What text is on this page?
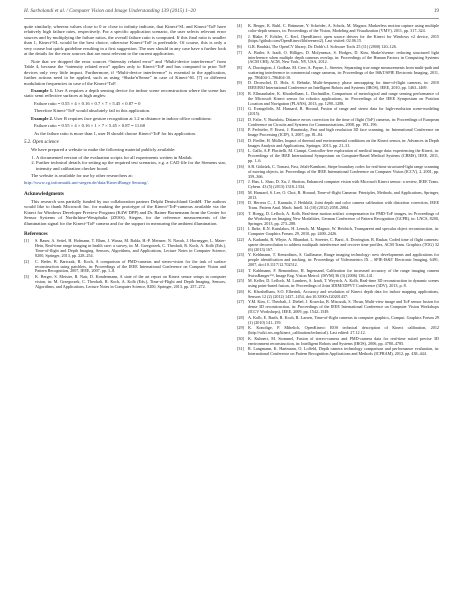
H. Sarbolandi et al. / Computer Vision and Image Understanding 139 (2015) 1–20	19

quite similarly, whereas values close to 0 or close to infinity indicate, that Kinect^SL and Kinect^ToF have relatively high failure rates, respectively. For a specific application scenario, the user selects relevant error sources and by multiplying the failure ratios, the overall failure ratio is computed. If this final ratio is smaller than 1, Kinect^SL would be the best choice, otherwise Kinect^ToF is preferable. Of course, this is only a very coarse but quick guideline resulting in a first suggestion. The user should in any case have a further look at the details for the error sources that are most relevant to the current application.

Note that we dropped the error sources “Intensity related error” and “Multi-device interference” from Table 4, because the “intensity related error” applies only to Kinect^ToF and has compared to prior ToF devices only very little impact. Furthermore, if “Multi-device interference” is essential to the application, further actions need to be applied, such as using “Shake'n'Sense” in case of Kinect^SL [7] or different modulation frequencies in case of the Kinect^ToF.

Example 1. User A requires a depth sensing device for indoor scene reconstruction where the scene has static semi reflective surfaces at high angles:

Failure ratio = 0.55 × 4 × 0.16 × 0.7 × 7 × 5.45 × 0.87 = 0

Therefore Kinect^ToF would absolutely fail in this application.

Example 2. User B requires face gesture recognition at 1.2 m distance in indoor office conditions:

Failure ratio = 0.55 × 4 × 0.16 × 1 × 7 × 5.45 × 0.87 = 11.68

As the failure ratio is more than 1, user B should choose Kinect^ToF for his application.

5.2. Open science

We have prepared a website to make the following material publicly available:

1. A documented version of the evaluation scripts for all experiments written in Matlab.
2. Further technical details for setting up the required test scenarios, e.g. a CAD file for the Siemens star, intensity and calibration checker board.

The website is available for use by other researchers at:

http://www.cg.informatik.uni-siegen.de/data/KinectRange Sensing/.

Acknowledgments

This research was partially funded by our collaboration partner Delphi Deutschland GmbH. The authors would like to thank Microsoft Inc. for making the prototype of the Kinect^ToF-cameras available via the Kinect for Windows Developer Preview Program (K4W DPP) and Dr. Rainer Bornemann from the Center for Sensor Systems of Northrhine-Westphalia (ZESS), Siegen, for the reference measurements of the illumination signal for the Kinect^ToF camera and for the support in measuring the ambient illumination.

References
[1]	S. Bauer, A. Seitel, H. Hofmann, T. Blum, J. Wasza, M. Balda, H.-P. Meinzer, N. Navab, J. Hornegger, L. Maier-Hein, Real-time range imaging in health care: a survey, in: M. Grzegorzek, C. Theobalt, R. Koch, A. Kolb (Eds.), Time-of-flight and Depth Imaging. Sensors, Algorithms, and Applications, Lecture Notes in Computer Science, 8200, Springer, 2013, pp. 228–254.
[2]	C. Beder, B. Bartczak, R. Koch, A comparison of PMD-cameras and stereo-vision for the task of surface reconstruction using patchlets, in: Proceedings of the IEEE International Conference on Computer Vision and Pattern Recognition, 2007, IEEE, 2007, pp. 1–8.
[3]	K. Berger, S. Meister, R. Nair, D. Kondermann, A state of the art report on Kinect sensor setups in computer vision, in: M. Grzegorzek, C. Theobalt, R. Koch, A. Kolb (Eds.), Time-of-Flight and Depth Imaging. Sensors, Algorithms, and Applications, Lecture Notes in Computer Science, 8200, Springer, 2013, pp. 257–272.
[4]	K. Berger, K. Ruhl, C. Brümmer, Y. Schröder, A. Scholz, M. Magnor, Markerless motion capture using multiple color-depth sensors, in: Proceedings of the Vision, Modeling and Visualization (VMV), 2011, pp. 317–324.
[5]	J. Blake, F. Echtler, C. Kerl, OpenKinect: open source drivers for the Kinect for Windows v2 device, 2015 (https://github.com/OpenKinect/libfreenect2). Last visited: 02.06.15.
[6]	G.R. Bradski, The OpenCV library, Dr. Dobb's J. Software Tools 25 (11) (2000) 120–126.
[7]	A. Butler, S. Izadi, O. Hilliges, D. Molyneaux, S. Hodges, D. Kim, Shake'n'sense: reducing structured light interference when multiple depth cameras overlap, in: Proceedings of the Human Factors in Computing Systems (ACM CHI), ACM, New York, NY, USA, 2012.
[8]	A. Dorrington, J. Godbaz, M. Cree, A. Payne, L. Streeter, Separating true range measurements from multi-path and scattering interference in commercial range cameras, in: Proceedings of the IS&T/SPIE Electronic Imaging, 2011, pp. 786404-1–786404-10.
[9]	D. Droeschel, D. Holz, S. Behnke, Multi-frequency phase unwrapping for time-of-flight cameras, in: 2010 IEEE/RSJ International Conference on Intelligent Robots and Systems (IROS), IEEE, 2010, pp. 1463–1469.
[10] B. Ellmauthaler, K. Khoshelham, L. Dorfmüller, Comparison of metrological and range sensing performance of the Microsoft Kinect sensor for robotics applications, in: Proceedings of the IEEE Symposium on Position Location and Navigation (PLANS), 2013, pp. 1290–1288.
[11]	G. Evangelidis, M. Hansard, R. Horaud, Fusion of range and stereo data for high-resolution scene-modeling (2015).
[12] D. Falie, V. Buzuloiu, Distance errors correction for the time of flight (ToF) cameras, in: Proceedings of European Conference on Circuits and Systems for Communications, 2008, pp. 193–196.
[13] P. Fechteler, P. Eisert, J. Rurainsky, Fast and high resolution 3D face scanning, in: International Conference on Image Processing (ICIP), 3, 2007, pp. 81–84.
[14] D. Fiedler, H. Müller, Impact of thermal and environmental conditions on the Kinect sensor, in: Advances in Depth Images Analysis and Applications, Springer, 2013, pp. 21–31.
[15] L. Gallo, A.P. Placitelli, M. Ciampi, Controller-free exploration of medical image data: experiencing the Kinect, in: Proceedings of the IEEE International Symposium on Computer-Based Medical Systems (CBMS), IEEE, 2011, pp. 1–6.
[16] S.B. Göktürk, C. Tomasi, Fast, Jelali-Kamhoni, Stripe boundary codes for real-time structured-light range scanning of moving objects, in: Proceedings of the IEEE International Conference on Computer Vision (ICCV), 2, 2001, pp. 359–366.
[17] J. Han, L. Shao, D. Xu, J. Shotton, Enhanced computer vision with Microsoft Kinect sensor: a review, IEEE Trans. Cybern. 43 (5) (2013) 1318–1334.
[18] M. Hansard, S. Lee, O. Choi, R. Horaud, Time-of-flight Cameras: Principles, Methods, and Applications, Springer, 2013.
[19] D. Herrera C., J. Kannala, J. Heikkilä, Joint depth and color camera calibration with distortion correction, IEEE Trans. Pattern Anal. Mach. Intell. 34 (10) (2012) 2058–2064.
[20] T. Hoegg, D. Lefloch, A. Kolb, Real-time motion artifact compensation for PMD-ToF images, in: Proceedings of the Workshop on Imaging New Modalities, German Conference of Pattern Recognition (GCPR), in: LNCS, 8200, Springer, 2013, pp. 273–288.
[21] I. Ihrke, K.N. Kutulakos, H. Lensch, M. Magnor, W. Heidrich, Transparent and specular object reconstruction, in: Computer Graphics Forum, 29, 2010, pp. 2400–2426.
[22] A. Kadambi, R. Whyte, A. Bhandari, L. Streeter, C. Barsi, A. Dorrington, R. Raskar, Coded time of flight cameras: sparse deconvolution to address multipath interference and recover time profiles, ACM Trans. Graphics (TOG) 32 (6) (2013) 167.
[23] Y. Kehlmann, T. Kemodinos, S. Guillaume, Range imaging technology: new developments and applications for people identification and tracking, in: Proceedings of Videometrics IX – SPIE-IS&T Electronic Imaging, 6491, 2007, doi:10.1117/12.702512.
[24] T. Kahlmann, F. Remondino, H. Ingensand, Calibration for increased accuracy of the range imaging camera SwissRanger™, Image Eng. Vision Metrol. (ISVM) 36 (3) (2006) 136–141.
[25] M. Keller, D. Lefloch, M. Lambers, S. Izadi, T. Weyrich, A. Kolb, Real-time 3D reconstruction in dynamic scenes using point-based fusion, in: Proceedings of Joint 3DIM/3DPVT Conference (3DV), 2013, p. 8.
[26] K. Khoshelham, S.O. Elberink, Accuracy and resolution of Kinect depth data for indoor mapping applications, Sensors 12 (2) (2012) 1437–1454, doi:10.3390/s120201437.
[27] Y.M. Kim, C. Theobalt, J. Diebel, J. Kosecka, B. Miscusik, S. Thrun, Multi-view image and ToF sensor fusion for dense 3D reconstruction, in: Proceedings of the IEEE International Conference on Computer Vision Workshops (ICCV Workshops), IEEE, 2009, pp. 1542–1549.
[28] A. Kolb, E. Barth, R. Koch, R. Larsen, Time-of-flight cameras in computer graphics, Comput. Graphics Forum 29 (1) (2010) 141–159.
[29] K. Konolige, P. Mihelich, OpenKinect: ROS technical description of Kinect calibration, 2012 (http://wiki.ros.org/kinect_calibration/technical). Last edited: 27.12.12.
[30] K. Kuhnert, M. Stommel, Fusion of stereo-camera and PMD-camera data for real-time suited precise 3D environment reconstruction, in: Intelligent Robots and Systems (IROS), 2006, pp. 4780–4785.
[31] R. Langmann, K. Hartmann, O. Loffeld, Depth camera technology comparison and performance evaluation, in: International Conference on Pattern Recognition Applications and Methods (ICPRAM), 2012, pp. 438–444.
